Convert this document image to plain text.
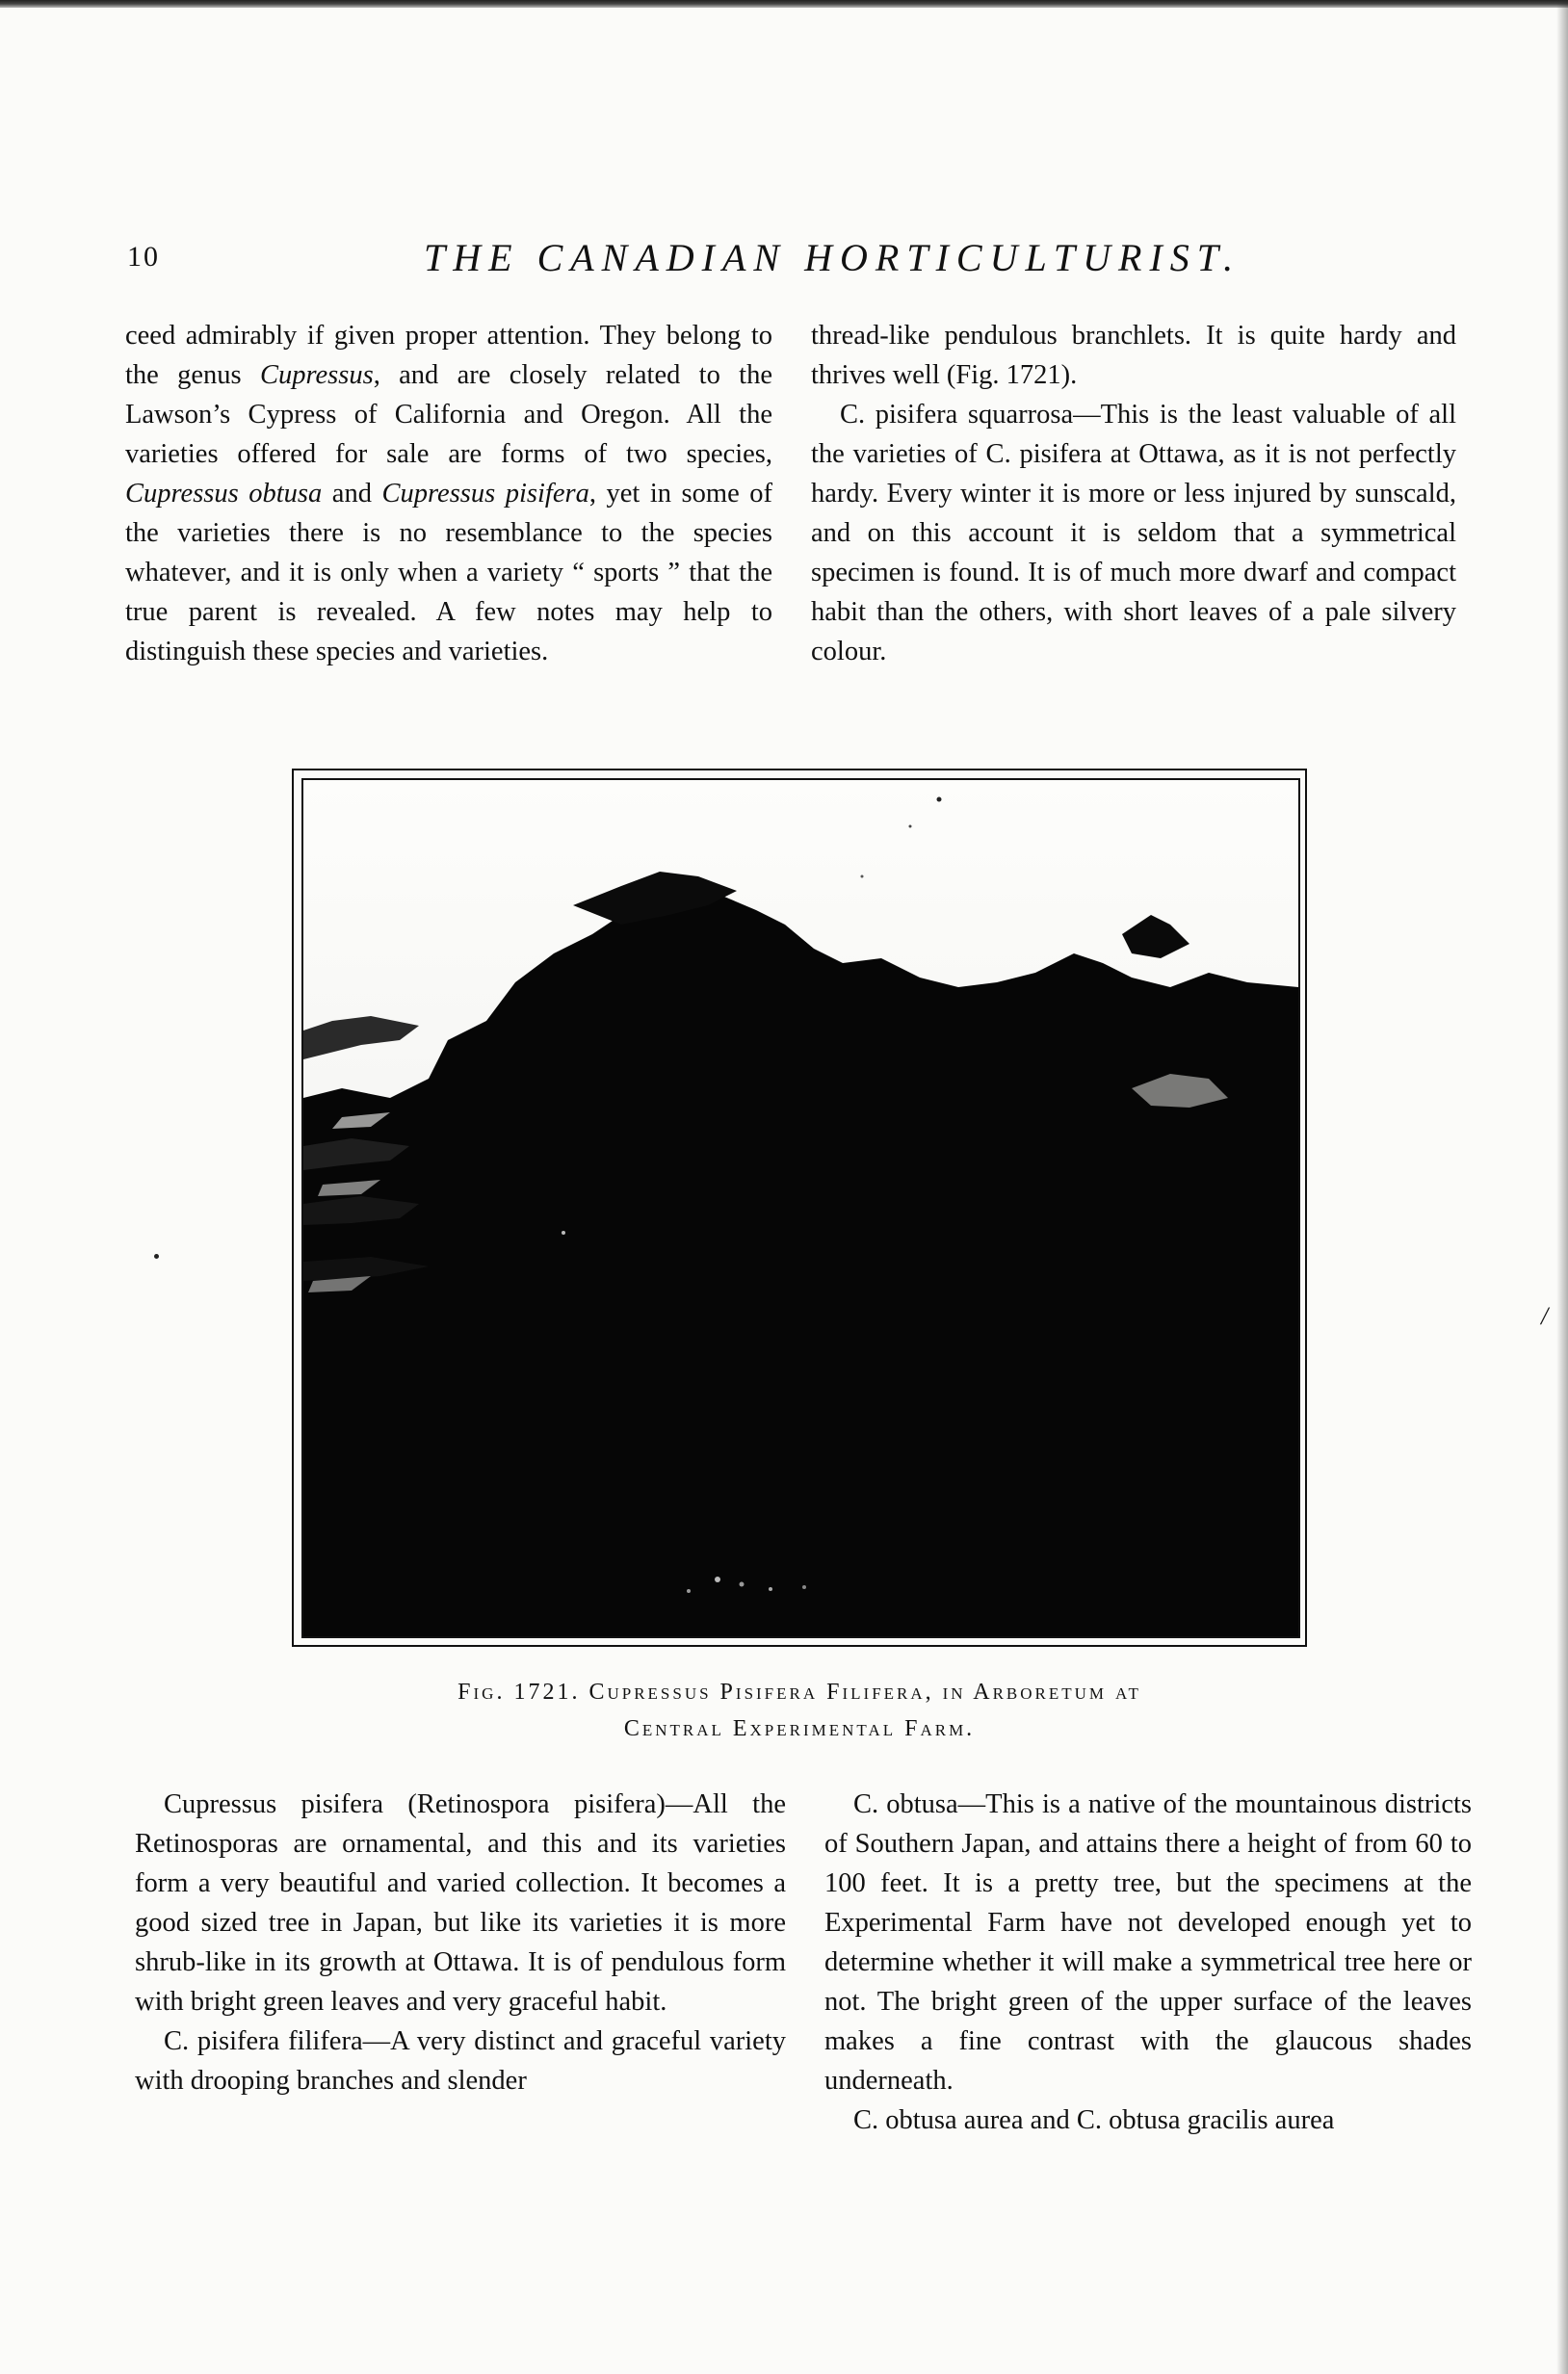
10	THE CANADIAN HORTICULTURIST.

ceed admirably if given proper attention. They belong to the genus Cupressus, and are closely related to the Lawson’s Cypress of California and Oregon. All the varieties offered for sale are forms of two species, Cupressus obtusa and Cupressus pisifera, yet in some of the varieties there is no resemblance to the species whatever, and it is only when a variety “ sports ” that the true parent is revealed. A few notes may help to distinguish these species and varieties.

thread-like pendulous branchlets. It is quite hardy and thrives well (Fig. 1721).

C. pisifera squarrosa—This is the least valuable of all the varieties of C. pisifera at Ottawa, as it is not perfectly hardy. Every winter it is more or less injured by sunscald, and on this account it is seldom that a symmetrical specimen is found. It is of much more dwarf and compact habit than the others, with short leaves of a pale silvery colour.

Fig. 1721. Cupressus Pisifera Filifera, in Arboretum at
Central Experimental Farm.

Cupressus pisifera (Retinospora pisifera)—All the Retinosporas are ornamental, and this and its varieties form a very beautiful and varied collection. It becomes a good sized tree in Japan, but like its varieties it is more shrub-like in its growth at Ottawa. It is of pendulous form with bright green leaves and very graceful habit.

C. pisifera filifera—A very distinct and graceful variety with drooping branches and slender

C. obtusa—This is a native of the mountainous districts of Southern Japan, and attains there a height of from 60 to 100 feet. It is a pretty tree, but the specimens at the Experimental Farm have not developed enough yet to determine whether it will make a symmetrical tree here or not. The bright green of the upper surface of the leaves makes a fine contrast with the glaucous shades underneath.

C. obtusa aurea and C. obtusa gracilis aurea

/
